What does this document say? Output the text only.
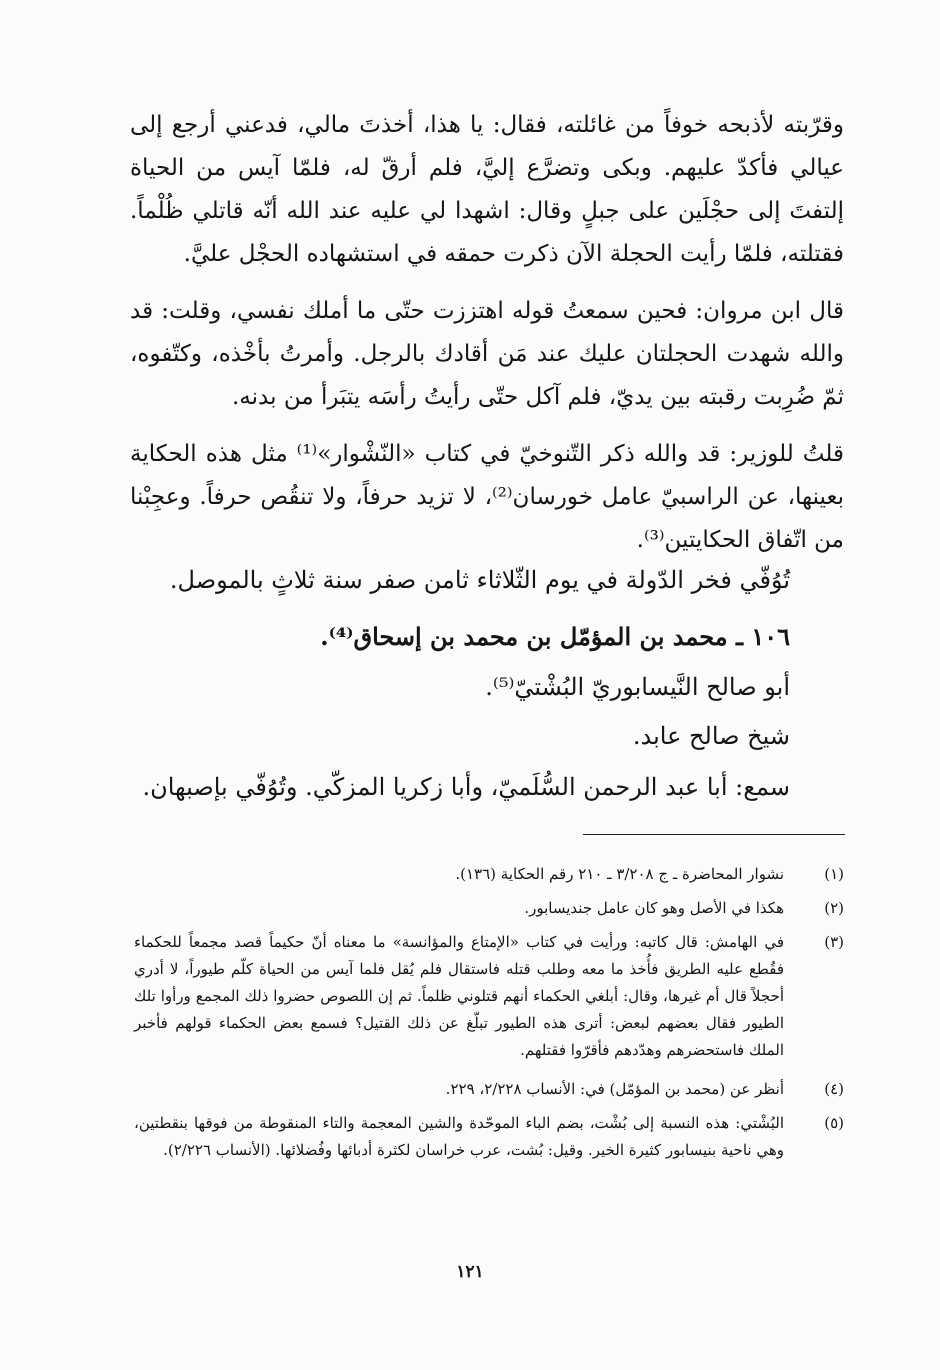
وقرّبته لأذبحه خوفاً من غائلته، فقال: يا هذا، أخذتَ مالي، فدعني أرجع إلى عيالي فأكدّ عليهم. وبكى وتضرَّع إليَّ، فلم أرقّ له، فلمّا آيس من الحياة إلتفتَ إلى حجْلَين على جبلٍ وقال: اشهدا لي عليه عند الله أنّه قاتلي ظُلْماً. فقتلته، فلمّا رأيت الحجلة الآن ذكرت حمقه في استشهاده الحجْل عليَّ.

قال ابن مروان: فحين سمعتُ قوله اهتززت حتّى ما أملك نفسي، وقلت: قد والله شهدت الحجلتان عليك عند مَن أقادك بالرجل. وأمرتُ بأخْذه، وكتّفوه، ثمّ ضُرِبت رقبته بين يديّ، فلم آكل حتّى رأيتُ رأسَه يتبَرأ من بدنه.

قلتُ للوزير: قد والله ذكر التّنوخيّ في كتاب «النّشْوار»⁽¹⁾ مثل هذه الحكاية بعينها، عن الراسبيّ عامل خورسان⁽²⁾، لا تزيد حرفاً، ولا تنقُص حرفاً. وعجِبْنا من اتّفاق الحكايتين⁽³⁾.

تُوُفّي فخر الدّولة في يوم الثّلاثاء ثامن صفر سنة ثلاثٍ بالموصل.
١٠٦ ـ محمد بن المؤمّل بن محمد بن إسحاق⁽⁴⁾.
أبو صالح النَّيسابوريّ البُشْتيّ⁽⁵⁾.
شيخ صالح عابد.
سمع: أبا عبد الرحمن السُّلَميّ، وأبا زكريا المزكّي. وتُوُفّي بإصبهان.
(١)
نشوار المحاضرة ـ ج ٣/٢٠٨ ـ ٢١٠ رقم الحكاية (١٣٦).
(٢)
هكذا في الأصل وهو كان عامل جنديسابور.
(٣)
في الهامش: قال كاتبه: ورأيت في كتاب «الإمتاع والمؤانسة» ما معناه أنّ حكيماً قصد مجمعاً للحكماء فقُطع عليه الطريق فأُخذ ما معه وطلب قتله فاستقال فلم يُقل فلما آيس من الحياة كلّم طيوراً، لا أدري أحجلاً قال أم غيرها، وقال: أبلغي الحكماء أنهم قتلوني ظلماً. ثم إن اللصوص حضروا ذلك المجمع ورأوا تلك الطيور فقال بعضهم لبعض: أترى هذه الطيور تبلّغ عن ذلك القتيل؟ فسمع بعض الحكماء قولهم فأخبر الملك فاستحضرهم وهدّدهم فأقرّوا فقتلهم.
(٤)
أنظر عن (محمد بن المؤمّل) في: الأنساب ٢/٢٢٨، ٢٢٩.
(٥)
البُشْتي: هذه النسبة إلى بُشْت، بضم الباء الموحّدة والشين المعجمة والتاء المنقوطة من فوقها بنقطتين، وهي ناحية بنيسابور كثيرة الخير. وقيل: بُشت، عرب خراسان لكثرة أدبائها وفُضلائها. (الأنساب ٢/٢٢٦).
١٢١
